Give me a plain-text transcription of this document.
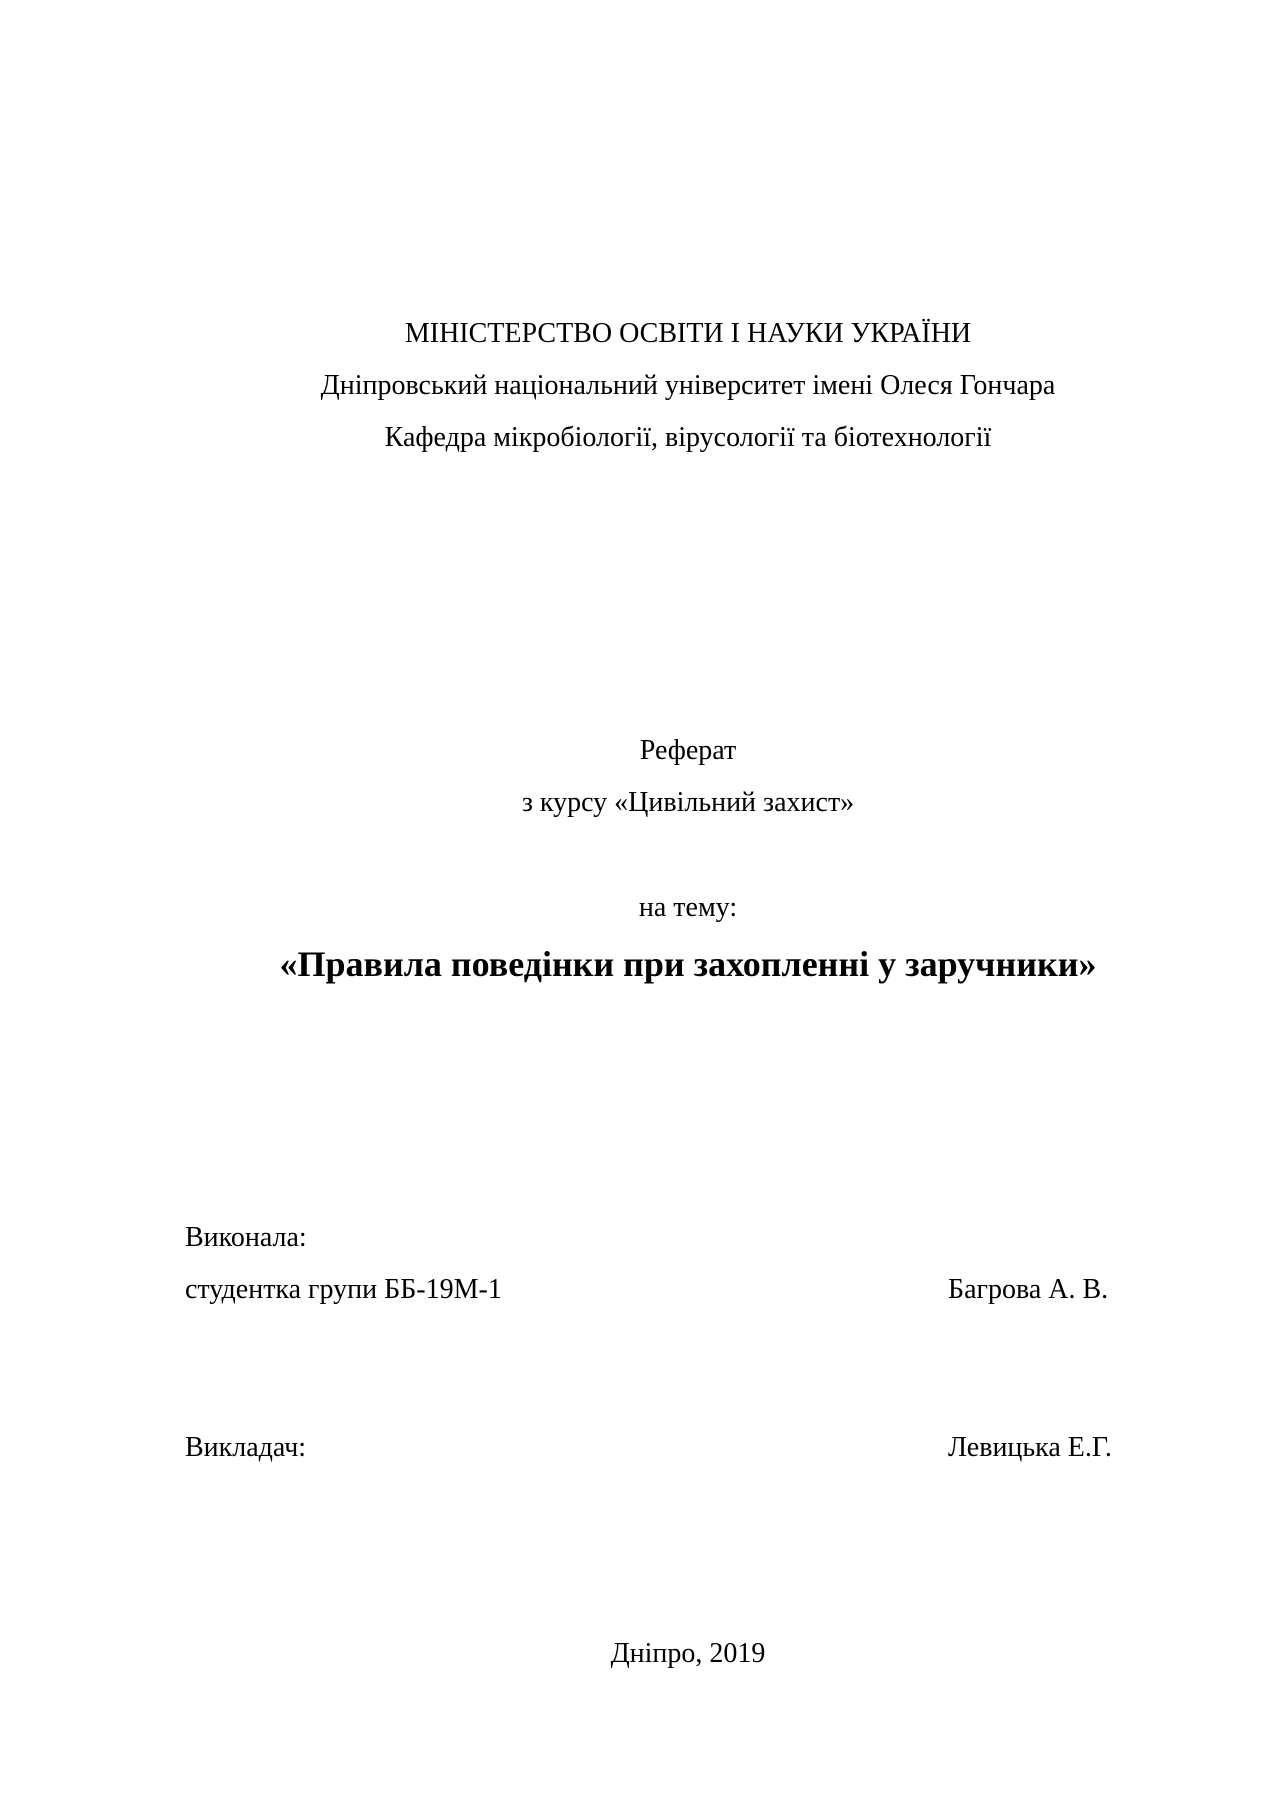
МІНІСТЕРСТВО ОСВІТИ І НАУКИ УКРАЇНИ
Дніпровський національний університет імені Олеся Гончара
Кафедра мікробіології, вірусології та біотехнології
Реферат
з курсу «Цивільний захист»
на тему:
«Правила поведінки при захопленні у заручники»
Виконала:
студентка групи ББ-19М-1	Багрова А. В.
Викладач:	Левицька Е.Г.
Дніпро, 2019
